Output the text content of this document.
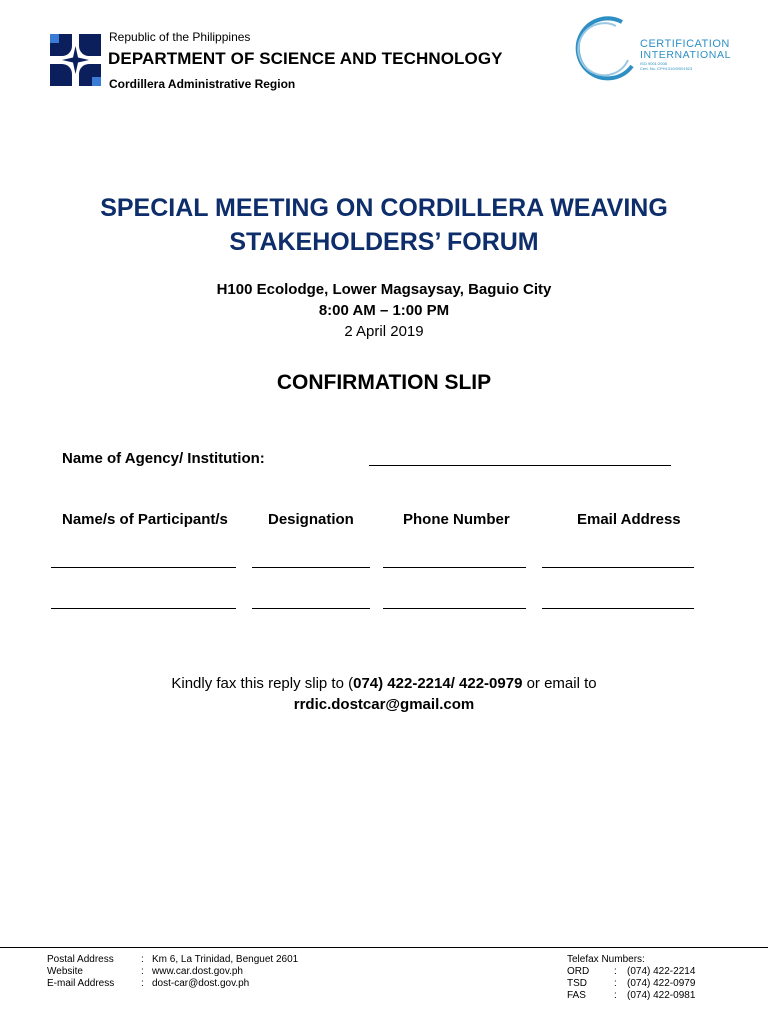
Republic of the Philippines
DEPARTMENT OF SCIENCE AND TECHNOLOGY
Cordillera Administrative Region
CERTIFICATION
INTERNATIONAL
ISO 9001:2008
Cert. No. CPH1310/0/001523
SPECIAL MEETING ON CORDILLERA WEAVING
STAKEHOLDERS’ FORUM
H100 Ecolodge, Lower Magsaysay, Baguio City
8:00 AM – 1:00 PM
2 April 2019
CONFIRMATION SLIP
Name of Agency/ Institution:
Name/s of Participant/s	Designation	Phone Number	Email Address
Kindly fax this reply slip to (074) 422-2214/ 422-0979 or email to
rrdic.dostcar@gmail.com
Postal Address	: Km 6, La Trinidad, Benguet 2601
Website	: www.car.dost.gov.ph
E-mail Address	: dost-car@dost.gov.ph
Telefax Numbers:
ORD : (074) 422-2214
TSD	: (074) 422-0979
FAS	: (074) 422-0981
